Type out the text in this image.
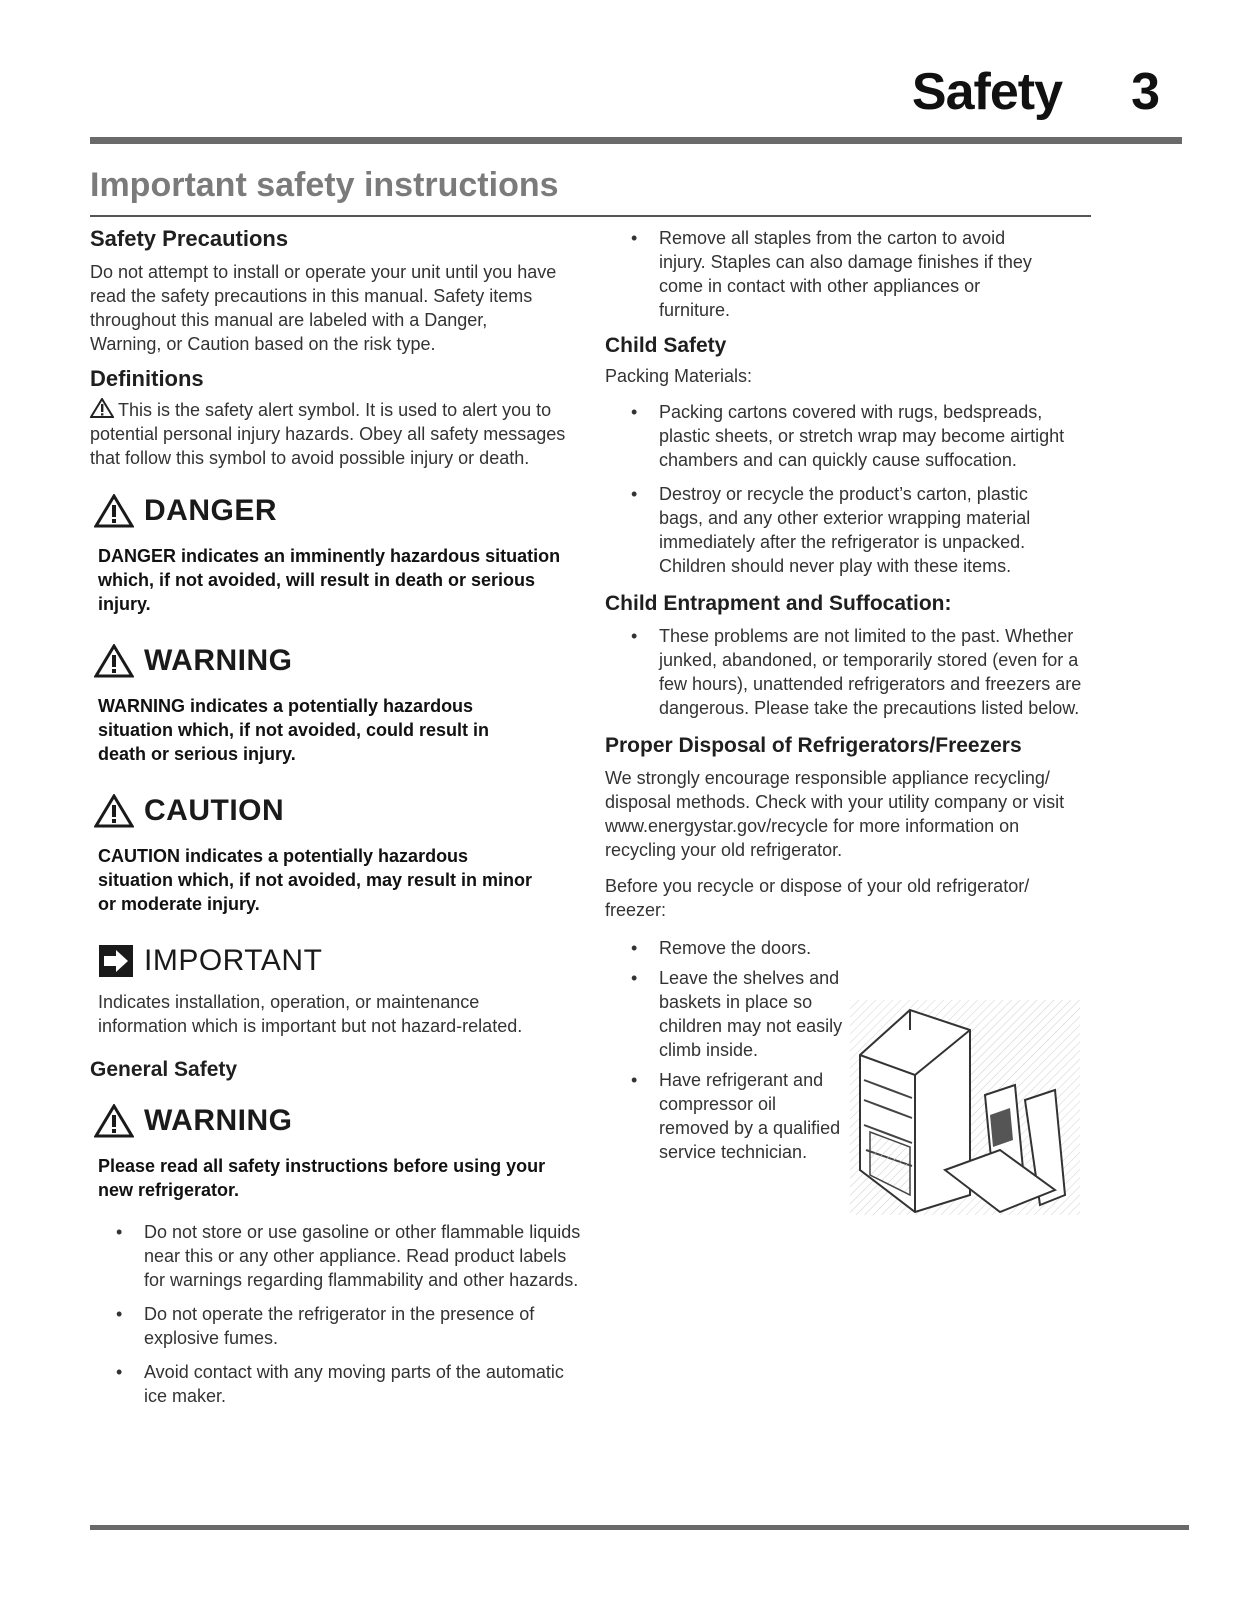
Safety 3
Important safety instructions
Safety Precautions

Do not attempt to install or operate your unit until you have read the safety precautions in this manual. Safety items throughout this manual are labeled with a Danger, Warning, or Caution based on the risk type.

Definitions

This is the safety alert symbol. It is used to alert you to potential personal injury hazards. Obey all safety messages that follow this symbol to avoid possible injury or death.

DANGER

DANGER indicates an imminently hazardous situation which, if not avoided, will result in death or serious injury.

WARNING

WARNING indicates a potentially hazardous situation which, if not avoided, could result in death or serious injury.

CAUTION

CAUTION indicates a potentially hazardous situation which, if not avoided, may result in minor or moderate injury.

IMPORTANT

Indicates installation, operation, or maintenance information which is important but not hazard-related.

General Safety
WARNING

Please read all safety instructions before using your new refrigerator.

• Do not store or use gasoline or other flammable liquids near this or any other appliance. Read product labels for warnings regarding flammability and other hazards.
• Do not operate the refrigerator in the presence of explosive fumes.
• Avoid contact with any moving parts of the automatic ice maker.
• Remove all staples from the carton to avoid injury. Staples can also damage finishes if they come in contact with other appliances or furniture.
Child Safety

Packing Materials:

• Packing cartons covered with rugs, bedspreads, plastic sheets, or stretch wrap may become airtight chambers and can quickly cause suffocation.
• Destroy or recycle the product’s carton, plastic bags, and any other exterior wrapping material immediately after the refrigerator is unpacked. Children should never play with these items.
Child Entrapment and Suffocation:
• These problems are not limited to the past. Whether junked, abandoned, or temporarily stored (even for a few hours), unattended refrigerators and freezers are dangerous. Please take the precautions listed below.
Proper Disposal of Refrigerators/Freezers

We strongly encourage responsible appliance recycling/ disposal methods. Check with your utility company or visit www.energystar.gov/recycle for more information on recycling your old refrigerator.

Before you recycle or dispose of your old refrigerator/ freezer:

• Remove the doors.
• Leave the shelves and baskets in place so children may not easily climb inside.
• Have refrigerant and compressor oil removed by a qualified service technician.
